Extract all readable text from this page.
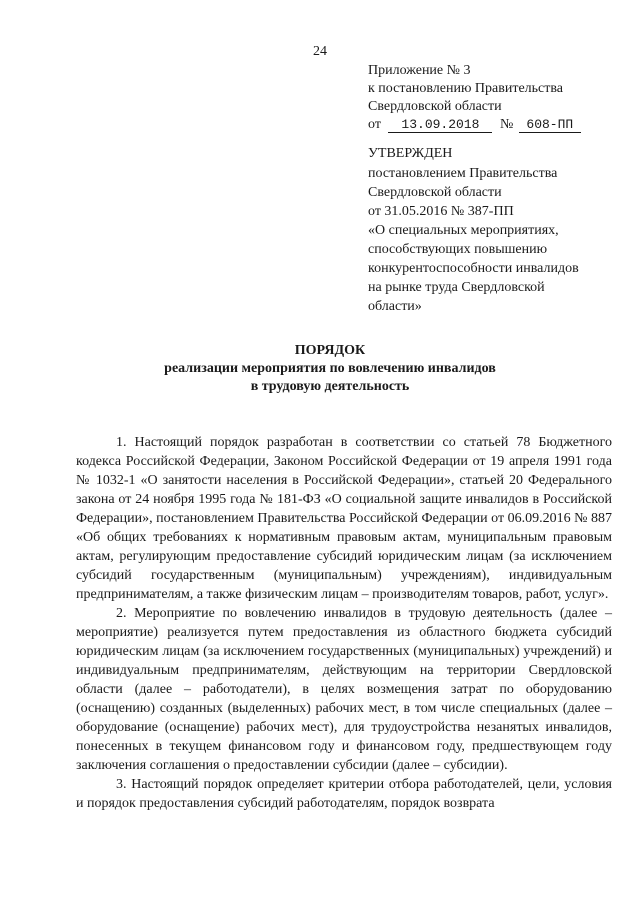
24
Приложение № 3
к постановлению Правительства
Свердловской области
от 13.09.2018 № 608-ПП
УТВЕРЖДЕН
постановлением Правительства
Свердловской области
от 31.05.2016 № 387-ПП
«О специальных мероприятиях,
способствующих повышению
конкурентоспособности инвалидов
на рынке труда Свердловской
области»
ПОРЯДОК
реализации мероприятия по вовлечению инвалидов
в трудовую деятельность

1. Настоящий порядок разработан в соответствии со статьей 78 Бюджетного кодекса Российской Федерации, Законом Российской Федерации от 19 апреля 1991 года № 1032-1 «О занятости населения в Российской Федерации», статьей 20 Федерального закона от 24 ноября 1995 года № 181-ФЗ «О социальной защите инвалидов в Российской Федерации», постановлением Правительства Российской Федерации от 06.09.2016 № 887 «Об общих требованиях к нормативным правовым актам, муниципальным правовым актам, регулирующим предоставление субсидий юридическим лицам (за исключением субсидий государственным (муниципальным) учреждениям), индивидуальным предпринимателям, а также физическим лицам – производителям товаров, работ, услуг».

2. Мероприятие по вовлечению инвалидов в трудовую деятельность (далее – мероприятие) реализуется путем предоставления из областного бюджета субсидий юридическим лицам (за исключением государственных (муниципальных) учреждений) и индивидуальным предпринимателям, действующим на территории Свердловской области (далее – работодатели), в целях возмещения затрат по оборудованию (оснащению) созданных (выделенных) рабочих мест, в том числе специальных (далее – оборудование (оснащение) рабочих мест), для трудоустройства незанятых инвалидов, понесенных в текущем финансовом году и финансовом году, предшествующем году заключения соглашения о предоставлении субсидии (далее – субсидии).

3. Настоящий порядок определяет критерии отбора работодателей, цели, условия и порядок предоставления субсидий работодателям, порядок возврата
